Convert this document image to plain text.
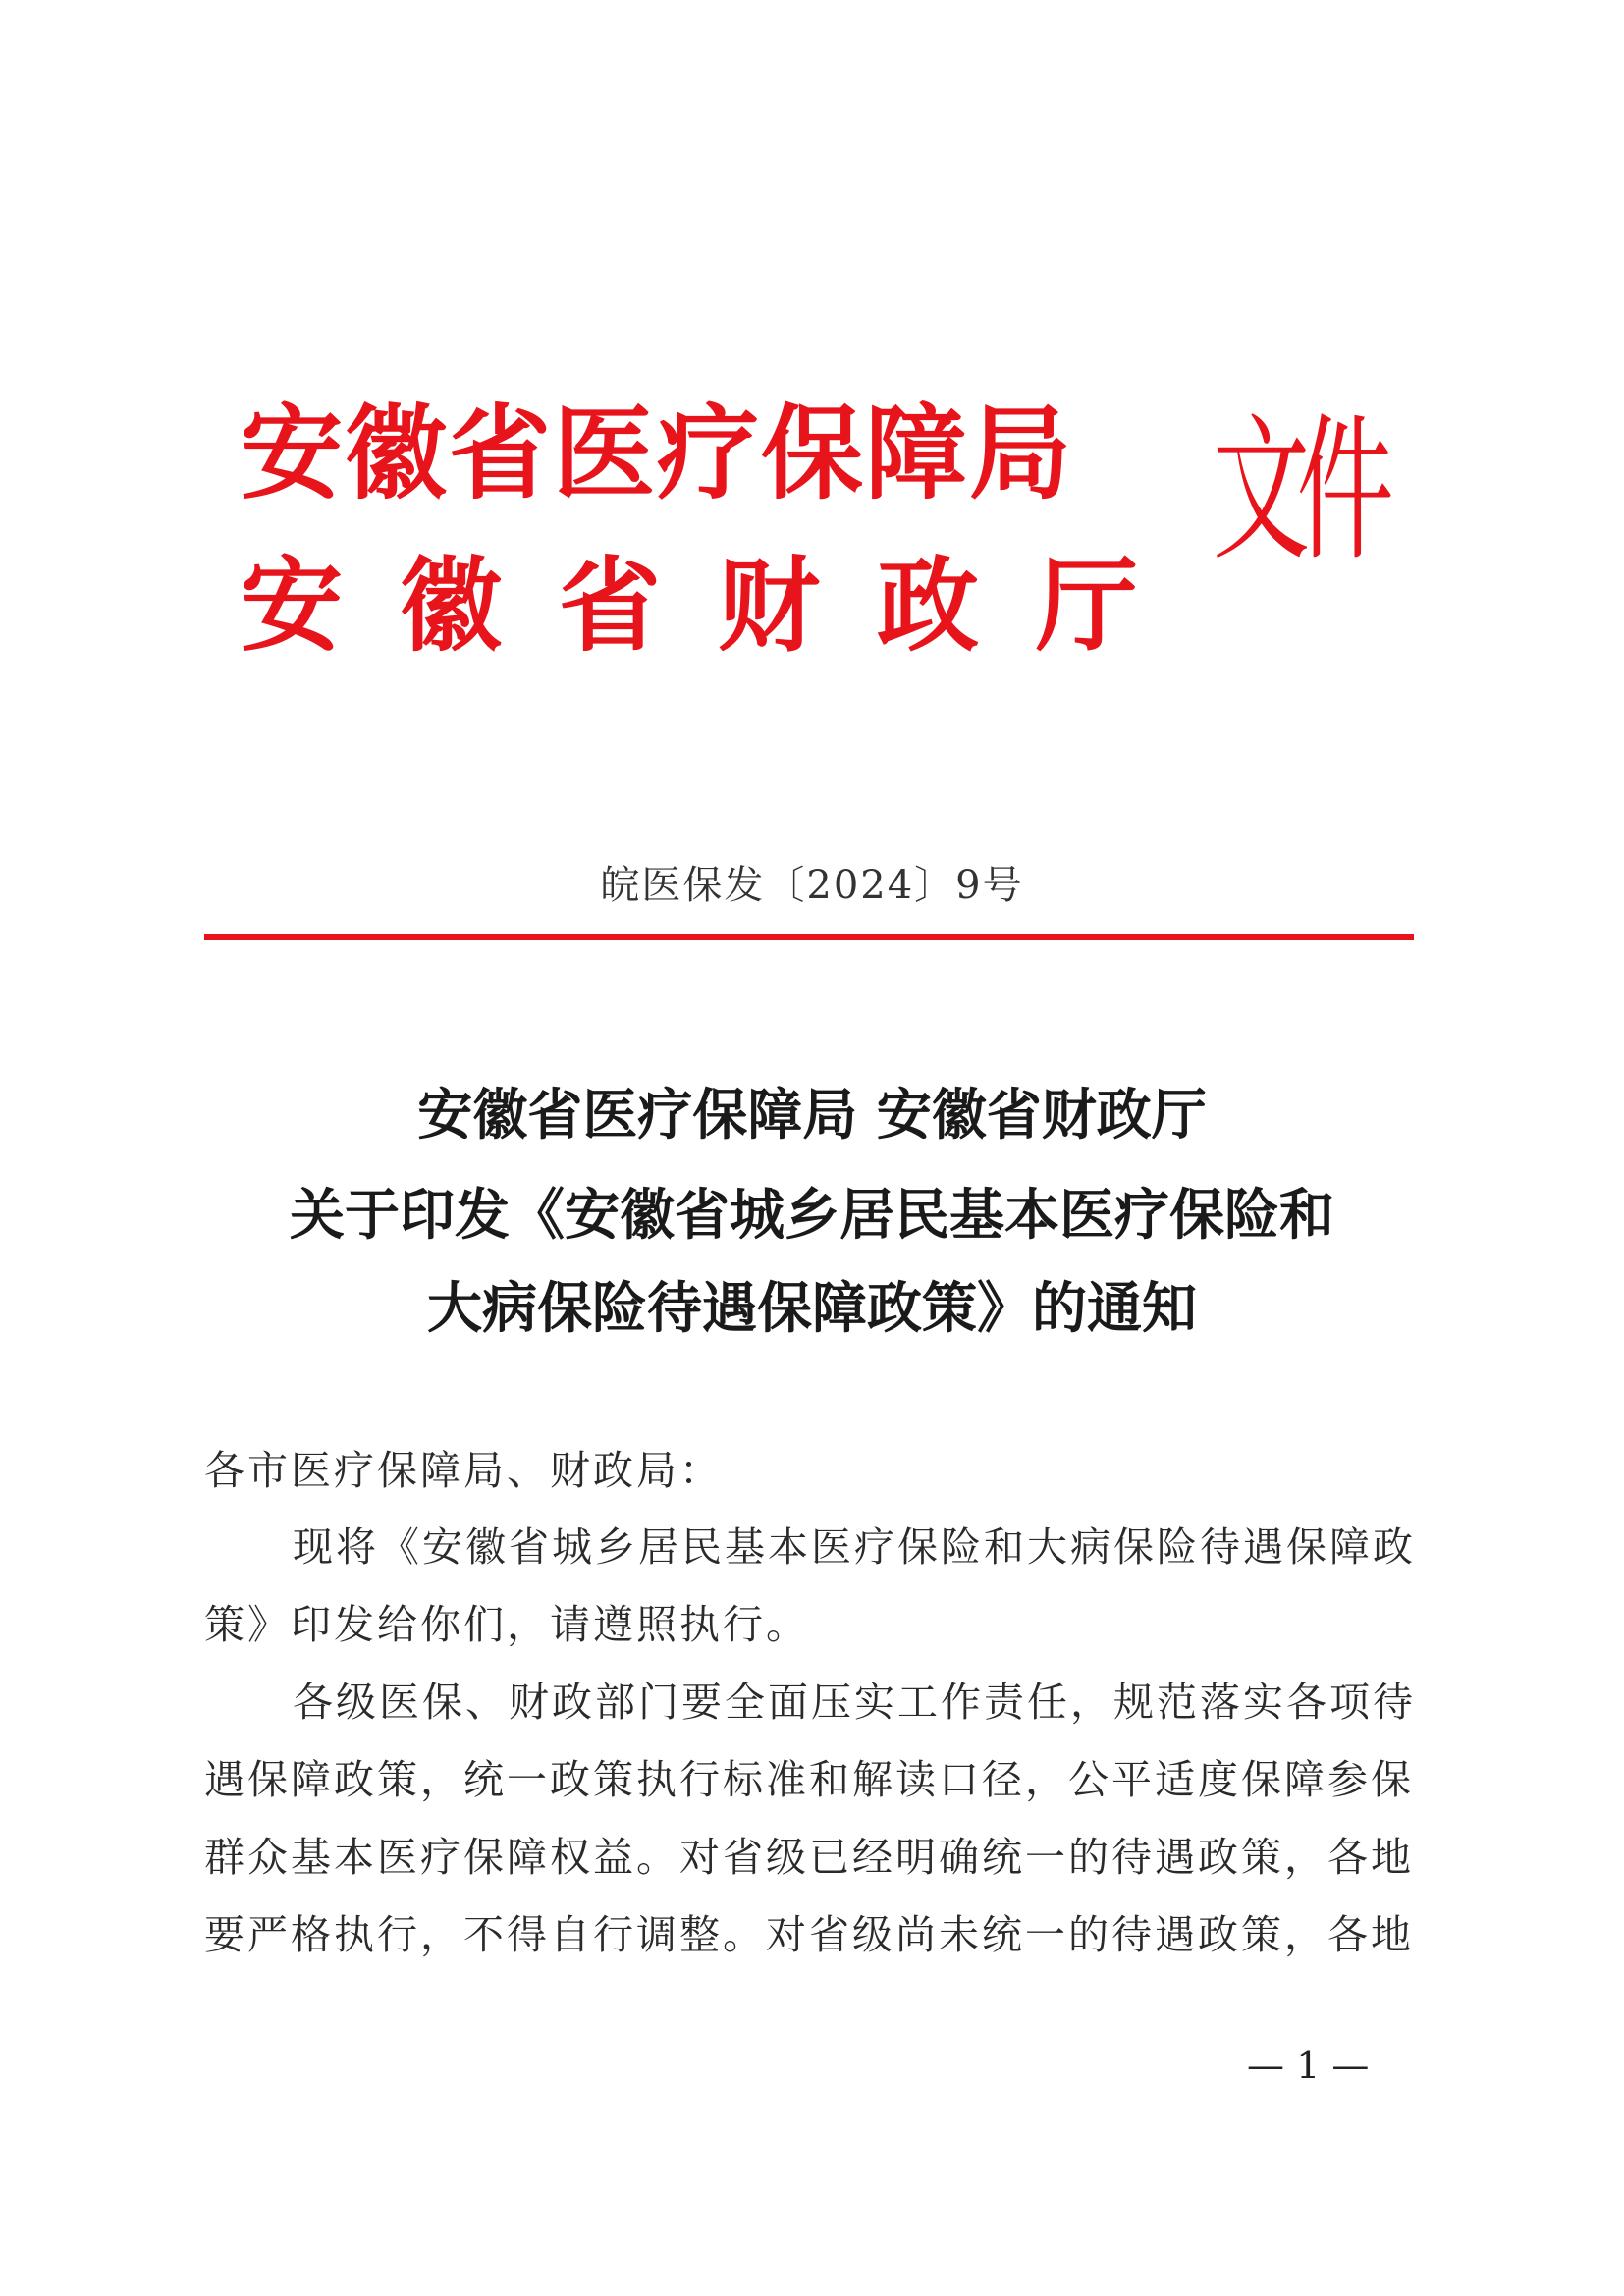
安徽省医疗保障局
安徽省财政厅
文件
皖医保发〔2024〕9号
安徽省医疗保障局 安徽省财政厅
关于印发《安徽省城乡居民基本医疗保险和
大病保险待遇保障政策》的通知
各市医疗保障局、财政局：
现将《安徽省城乡居民基本医疗保险和大病保险待遇保障政
策》印发给你们，请遵照执行。
各级医保、财政部门要全面压实工作责任，规范落实各项待
遇保障政策，统一政策执行标准和解读口径，公平适度保障参保
群众基本医疗保障权益。对省级已经明确统一的待遇政策，各地
要严格执行，不得自行调整。对省级尚未统一的待遇政策，各地
— 1 —
